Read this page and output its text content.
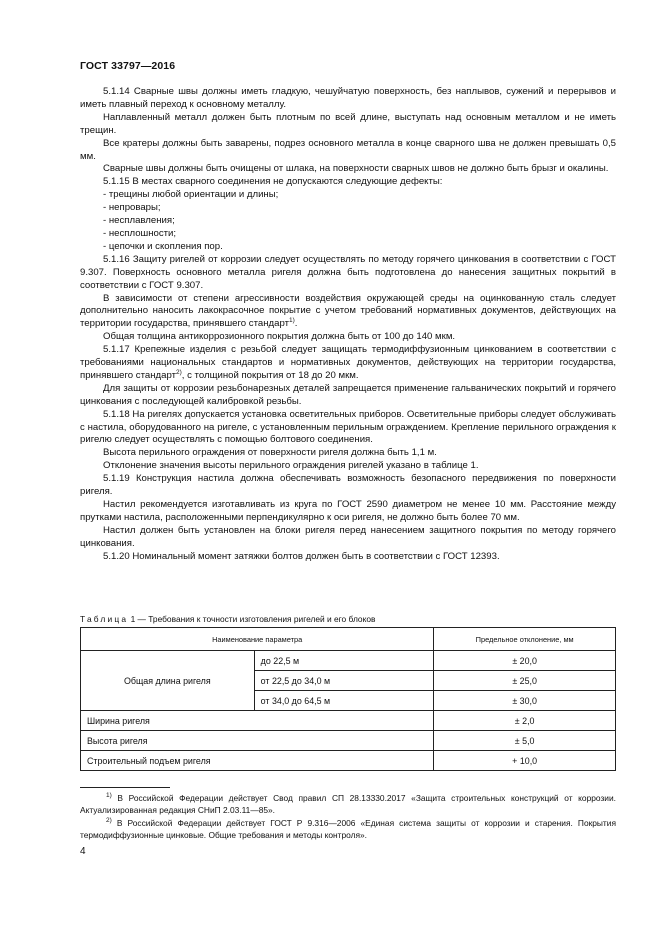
ГОСТ 33797—2016

5.1.14 Сварные швы должны иметь гладкую, чешуйчатую поверхность, без наплывов, сужений и перерывов и иметь плавный переход к основному металлу.

Наплавленный металл должен быть плотным по всей длине, выступать над основным металлом и не иметь трещин.

Все кратеры должны быть заварены, подрез основного металла в конце сварного шва не должен превышать 0,5 мм.

Сварные швы должны быть очищены от шлака, на поверхности сварных швов не должно быть брызг и окалины.

5.1.15 В местах сварного соединения не допускаются следующие дефекты:

- трещины любой ориентации и длины;

- непровары;

- несплавления;

- несплошности;

- цепочки и скопления пор.

5.1.16 Защиту ригелей от коррозии следует осуществлять по методу горячего цинкования в соответствии с ГОСТ 9.307. Поверхность основного металла ригеля должна быть подготовлена до нанесения защитных покрытий в соответствии с ГОСТ 9.307.

В зависимости от степени агрессивности воздействия окружающей среды на оцинкованную сталь следует дополнительно наносить лакокрасочное покрытие с учетом требований нормативных документов, действующих на территории государства, принявшего стандарт$^{1)}$.

Общая толщина антикоррозионного покрытия должна быть от 100 до 140 мкм.

5.1.17 Крепежные изделия с резьбой следует защищать термодиффузионным цинкованием в соответствии с требованиями национальных стандартов и нормативных документов, действующих на территории государства, принявшего стандарт$^{2)}$, с толщиной покрытия от 18 до 20 мкм.

Для защиты от коррозии резьбонарезных деталей запрещается применение гальванических покрытий и горячего цинкования с последующей калибровкой резьбы.

5.1.18 На ригелях допускается установка осветительных приборов. Осветительные приборы следует обслуживать с настила, оборудованного на ригеле, с установленным перильным ограждением. Крепление перильного ограждения к ригелю следует осуществлять с помощью болтового соединения.

Высота перильного ограждения от поверхности ригеля должна быть 1,1 м.

Отклонение значения высоты перильного ограждения ригелей указано в таблице 1.

5.1.19 Конструкция настила должна обеспечивать возможность безопасного передвижения по поверхности ригеля.

Настил рекомендуется изготавливать из круга по ГОСТ 2590 диаметром не менее 10 мм. Расстояние между прутками настила, расположенными перпендикулярно к оси ригеля, не должно быть более 70 мм.

Настил должен быть установлен на блоки ригеля перед нанесением защитного покрытия по методу горячего цинкования.

5.1.20 Номинальный момент затяжки болтов должен быть в соответствии с ГОСТ 12393.

Таблица 1 — Требования к точности изготовления ригелей и его блоков
Наименование параметра		Предельное отклонение, мм
Общая длина ригеля	до 22,5 м	± 20,0
	от 22,5 до 34,0 м	± 25,0
	от 34,0 до 64,5 м	± 30,0
Ширина ригеля		± 2,0
Высота ригеля		± 5,0
Строительный подъем ригеля		+ 10,0

$^{1)}$ В Российской Федерации действует Свод правил СП 28.13330.2017 «Защита строительных конструкций от коррозии. Актуализированная редакция СНиП 2.03.11—85».

$^{2)}$ В Российской Федерации действует ГОСТ Р 9.316—2006 «Единая система защиты от коррозии и старения. Покрытия термодиффузионные цинковые. Общие требования и методы контроля».

4
